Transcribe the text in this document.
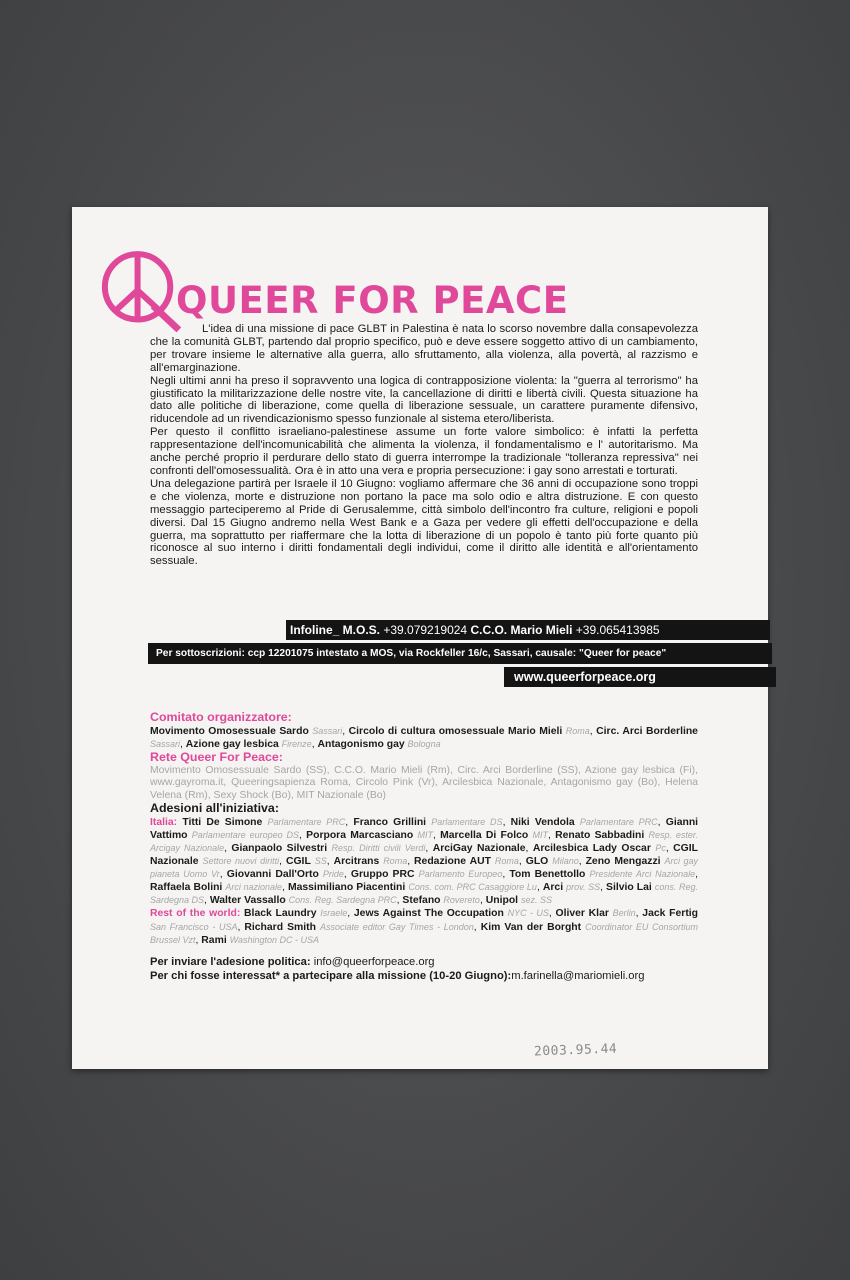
QUEER FOR PEACE

L'idea di una missione di pace GLBT in Palestina è nata lo scorso novembre dalla consapevolezza che la comunità GLBT, partendo dal proprio specifico, può e deve essere soggetto attivo di un cambiamento, per trovare insieme le alternative alla guerra, allo sfruttamento, alla violenza, alla povertà, al razzismo e all'emarginazione.

Negli ultimi anni ha preso il sopravvento una logica di contrapposizione violenta: la "guerra al terrorismo" ha giustificato la militarizzazione delle nostre vite, la cancellazione di diritti e libertà civili. Questa situazione ha dato alle politiche di liberazione, come quella di liberazione sessuale, un carattere puramente difensivo, riducendole ad un rivendicazionismo spesso funzionale al sistema etero/liberista.

Per questo il conflitto israeliano-palestinese assume un forte valore simbolico: è infatti la perfetta rappresentazione dell'incomunicabilità che alimenta la violenza, il fondamentalismo e l' autoritarismo. Ma anche perché proprio il perdurare dello stato di guerra interrompe la tradizionale "tolleranza repressiva" nei confronti dell'omosessualità. Ora è in atto una vera e propria persecuzione: i gay sono arrestati e torturati.

Una delegazione partirà per Israele il 10 Giugno: vogliamo affermare che 36 anni di occupazione sono troppi e che violenza, morte e distruzione non portano la pace ma solo odio e altra distruzione. E con questo messaggio parteciperemo al Pride di Gerusalemme, città simbolo dell'incontro fra culture, religioni e popoli diversi. Dal 15 Giugno andremo nella West Bank e a Gaza per vedere gli effetti dell'occupazione e della guerra, ma soprattutto per riaffermare che la lotta di liberazione di un popolo è tanto più forte quanto più riconosce al suo interno i diritti fondamentali degli individui, come il diritto alle identità e all'orientamento sessuale.

Infoline_ M.O.S. +39.079219024 C.C.O. Mario Mieli +39.065413985
Per sottoscrizioni: ccp 12201075 intestato a MOS, via Rockfeller 16/c, Sassari, causale: "Queer for peace"
www.queerforpeace.org

Comitato organizzatore:

Movimento Omosessuale Sardo Sassari, Circolo di cultura omosessuale Mario Mieli Roma, Circ. Arci Borderline Sassari, Azione gay lesbica Firenze, Antagonismo gay Bologna

Rete Queer For Peace:

Movimento Omosessuale Sardo (SS), C.C.O. Mario Mieli (Rm), Circ. Arci Borderline (SS), Azione gay lesbica (Fi), www.gayroma.it, Queeringsapienza Roma, Circolo Pink (Vr), Arcilesbica Nazionale, Antagonismo gay (Bo), Helena Velena (Rm), Sexy Shock (Bo), MIT Nazionale (Bo)

Adesioni all'iniziativa:

Italia: Titti De Simone Parlamentare PRC, Franco Grillini Parlamentare DS, Niki Vendola Parlamentare PRC, Gianni Vattimo Parlamentare europeo DS, Porpora Marcasciano MIT, Marcella Di Folco MIT, Renato Sabbadini Resp. ester. Arcigay Nazionale, Gianpaolo Silvestri Resp. Diritti civili Verdi, ArciGay Nazionale, Arcilesbica Lady Oscar Pc, CGIL Nazionale Settore nuovi diritti, CGIL SS, Arcitrans Roma, Redazione AUT Roma, GLO Milano, Zeno Mengazzi Arci gay pianeta Uomo Vr, Giovanni Dall'Orto Pride, Gruppo PRC Parlamento Europeo, Tom Benettollo Presidente Arci Nazionale, Raffaela Bolini Arci nazionale, Massimiliano Piacentini Cons. com. PRC Casaggiore Lu, Arci prov. SS, Silvio Lai cons. Reg. Sardegna DS, Walter Vassallo Cons. Reg. Sardegna PRC, Stefano Rovereto, Unipol sez. SS

Rest of the world: Black Laundry Israele, Jews Against The Occupation NYC - US, Oliver Klar Berlin, Jack Fertig San Francisco - USA, Richard Smith Associate editor Gay Times - London, Kim Van der Borght Coordinator EU Consortium Brussel Vzt, Rami Washington DC - USA

Per inviare l'adesione politica: info@queerforpeace.org

Per chi fosse interessat* a partecipare alla missione (10-20 Giugno):m.farinella@mariomieli.org

2003.95.44
